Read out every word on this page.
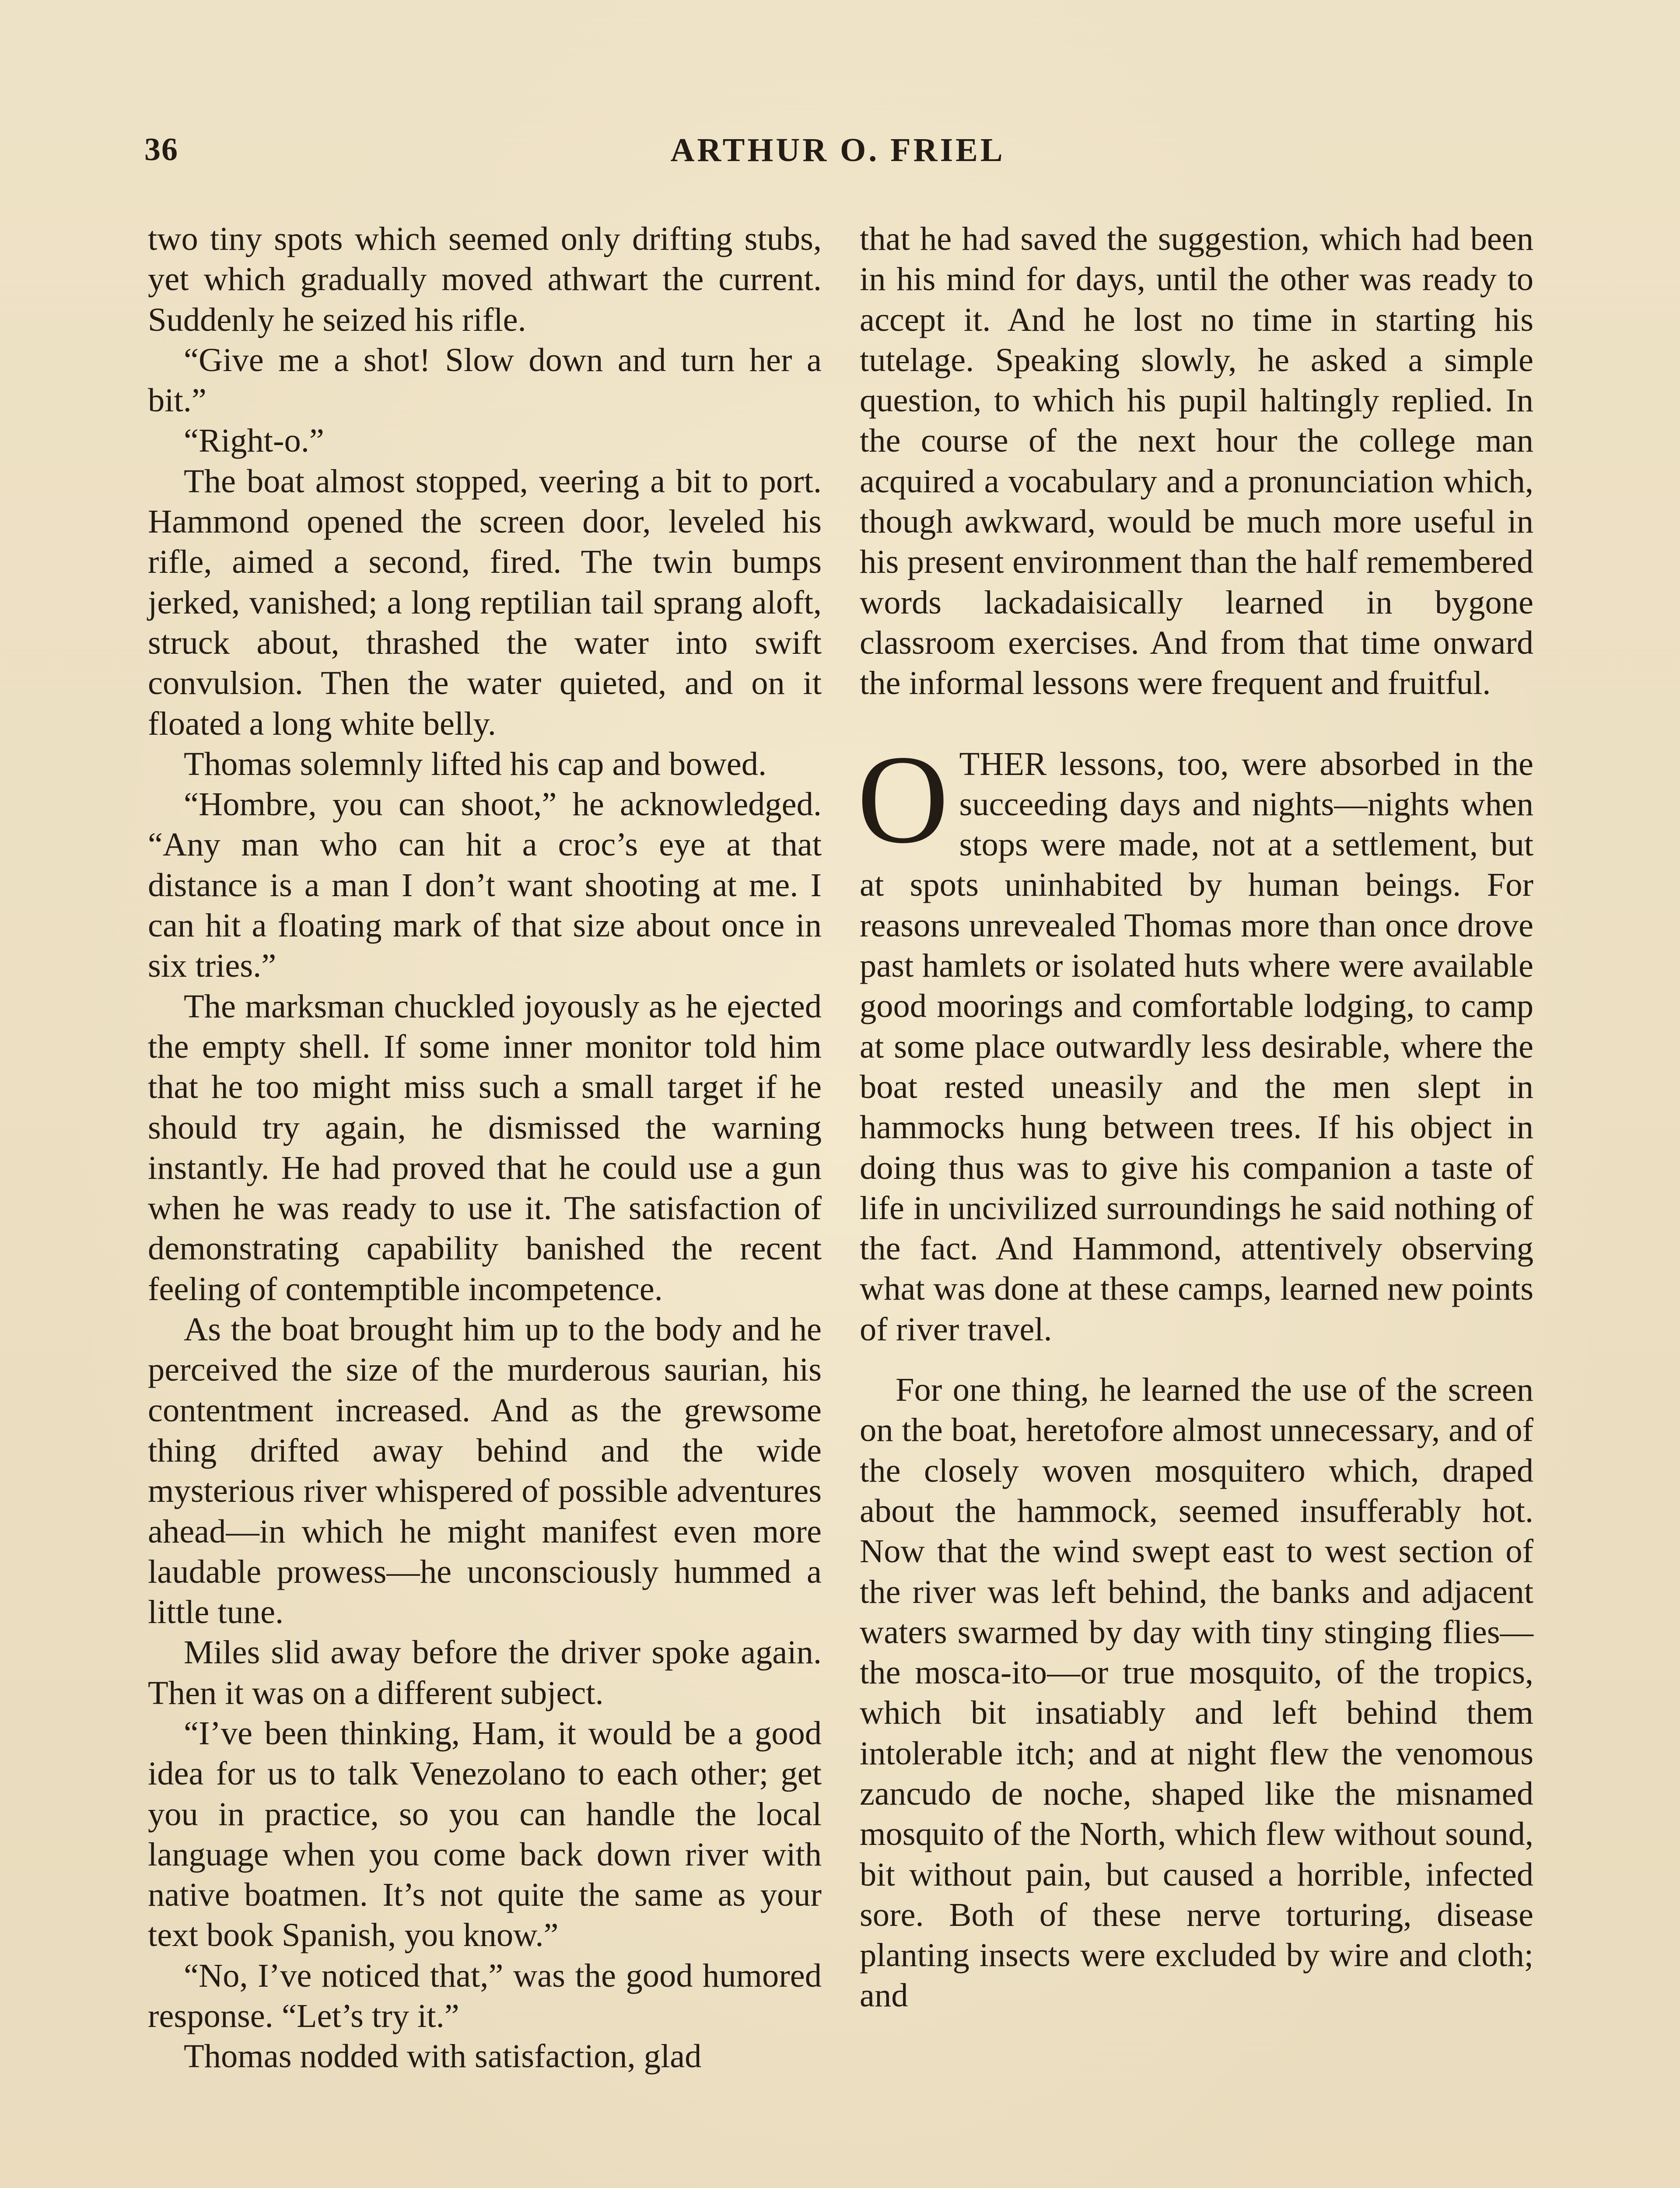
36	ARTHUR O. FRIEL

two tiny spots which seemed only drifting stubs, yet which gradually moved athwart the current. Suddenly he seized his rifle.

“Give me a shot! Slow down and turn her a bit.”

“Right-o.”

The boat almost stopped, veering a bit to port. Hammond opened the screen door, leveled his rifle, aimed a second, fired. The twin bumps jerked, vanished; a long reptilian tail sprang aloft, struck about, thrashed the water into swift convulsion. Then the water quieted, and on it floated a long white belly.

Thomas solemnly lifted his cap and bowed.

“Hombre, you can shoot,” he acknowledged. “Any man who can hit a croc’s eye at that distance is a man I don’t want shooting at me. I can hit a floating mark of that size about once in six tries.”

The marksman chuckled joyously as he ejected the empty shell. If some inner monitor told him that he too might miss such a small target if he should try again, he dismissed the warning instantly. He had proved that he could use a gun when he was ready to use it. The satisfaction of demonstrating capability banished the recent feeling of contemptible incompetence.

As the boat brought him up to the body and he perceived the size of the murderous saurian, his contentment increased. And as the grewsome thing drifted away behind and the wide mysterious river whispered of possible adventures ahead—in which he might manifest even more laudable prowess—he unconsciously hummed a little tune.

Miles slid away before the driver spoke again. Then it was on a different subject.

“I’ve been thinking, Ham, it would be a good idea for us to talk Venezolano to each other; get you in practice, so you can handle the local language when you come back down river with native boatmen. It’s not quite the same as your text book Spanish, you know.”

“No, I’ve noticed that,” was the good humored response. “Let’s try it.”

Thomas nodded with satisfaction, glad

that he had saved the suggestion, which had been in his mind for days, until the other was ready to accept it. And he lost no time in starting his tutelage. Speaking slowly, he asked a simple question, to which his pupil haltingly replied. In the course of the next hour the college man acquired a vocabulary and a pronunciation which, though awkward, would be much more useful in his present environment than the half remembered words lackadaisically learned in bygone classroom exercises. And from that time onward the informal lessons were frequent and fruitful.

OTHER lessons, too, were absorbed in the succeeding days and nights—nights when stops were made, not at a settlement, but at spots uninhabited by human beings. For reasons unrevealed Thomas more than once drove past hamlets or isolated huts where were available good moorings and comfortable lodging, to camp at some place outwardly less desirable, where the boat rested uneasily and the men slept in hammocks hung between trees. If his object in doing thus was to give his companion a taste of life in uncivilized surroundings he said nothing of the fact. And Hammond, attentively observing what was done at these camps, learned new points of river travel.

For one thing, he learned the use of the screen on the boat, heretofore almost unnecessary, and of the closely woven mosquitero which, draped about the hammock, seemed insufferably hot. Now that the wind swept east to west section of the river was left behind, the banks and adjacent waters swarmed by day with tiny stinging flies—the mosca-ito—or true mosquito, of the tropics, which bit insatiably and left behind them intolerable itch; and at night flew the venomous zancudo de noche, shaped like the misnamed mosquito of the North, which flew without sound, bit without pain, but caused a horrible, infected sore. Both of these nerve torturing, disease planting insects were excluded by wire and cloth; and
